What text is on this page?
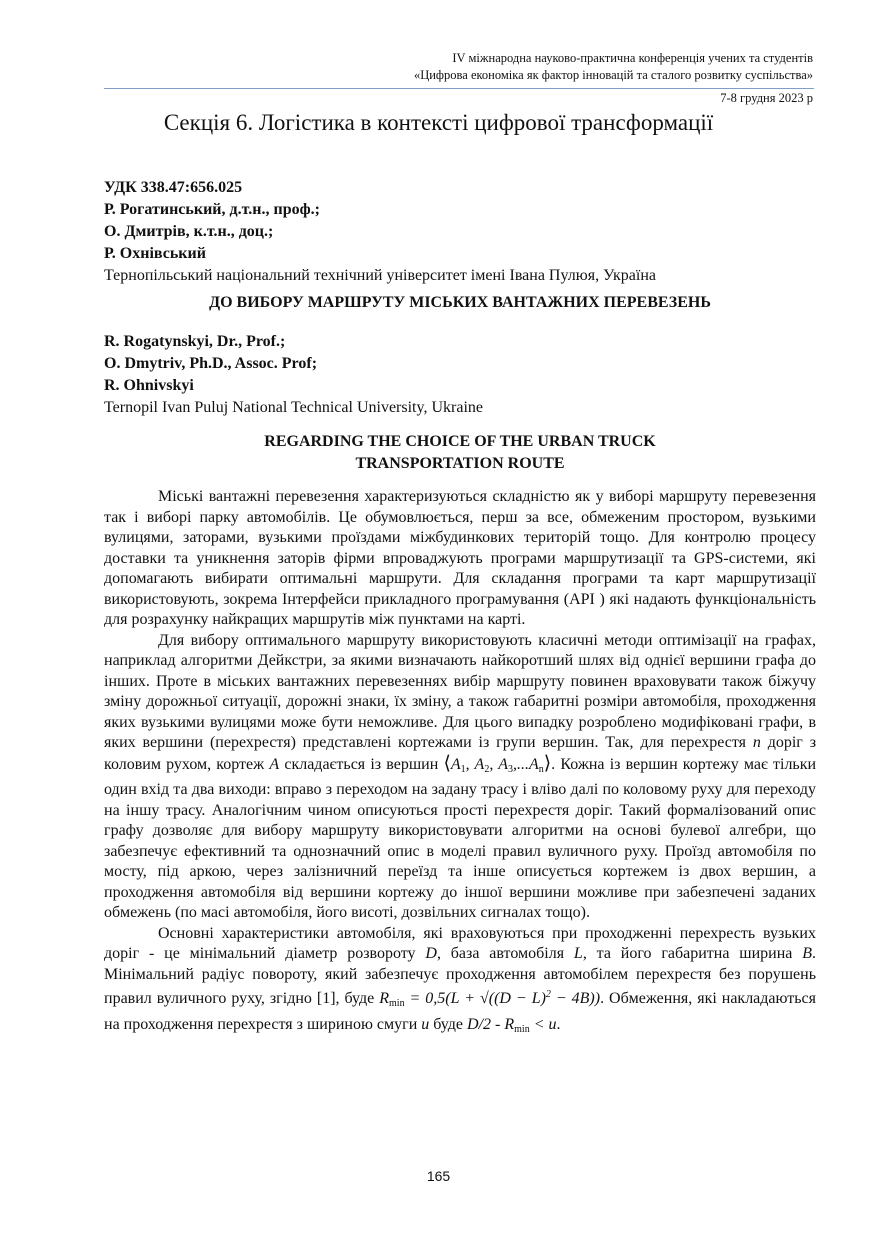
IV міжнародна науково-практична конференція учених та студентів
«Цифрова економіка як фактор інновацій та сталого розвитку суспільства»
7-8 грудня 2023 р
Секція 6. Логістика в контексті цифрової трансформації
УДК 338.47:656.025
Р. Рогатинський, д.т.н., проф.;
О. Дмитрів, к.т.н., доц.;
Р. Охнівський
Тернопільський національний технічний університет імені Івана Пулюя, Україна
ДО ВИБОРУ МАРШРУТУ МІСЬКИХ ВАНТАЖНИХ ПЕРЕВЕЗЕНЬ
R. Rogatynskyi, Dr., Prof.;
O. Dmytriv, Ph.D., Assoc. Prof;
R. Ohnivskyi
Ternopil Ivan Puluj National Technical University, Ukraine
REGARDING THE CHOICE OF THE URBAN TRUCK TRANSPORTATION ROUTE

Міські вантажні перевезення характеризуються складністю як у виборі маршруту перевезення так і виборі парку автомобілів. Це обумовлюється, перш за все, обмеженим простором, вузькими вулицями, заторами, вузькими проїздами міжбудинкових територій тощо. Для контролю процесу доставки та уникнення заторів фірми впроваджують програми маршрутизації та GPS-системи, які допомагають вибирати оптимальні маршрути. Для складання програми та карт маршрутизації використовують, зокрема Інтерфейси прикладного програмування (API ) які надають функціональність для розрахунку найкращих маршрутів між пунктами на карті.

Для вибору оптимального маршруту використовують класичні методи оптимізації на графах, наприклад алгоритми Дейкстри, за якими визначають найкоротший шлях від однієї вершини графа до інших. Проте в міських вантажних перевезеннях вибір маршруту повинен враховувати також біжучу зміну дорожньої ситуації, дорожні знаки, їх зміну, а також габаритні розміри автомобіля, проходження яких вузькими вулицями може бути неможливе. Для цього випадку розроблено модифіковані графи, в яких вершини (перехрестя) представлені кортежами із групи вершин. Так, для перехрестя n доріг з коловим рухом, кортеж A складається із вершин $⟨A_1$, $A_2$, $A_3,...A_n⟩$. Кожна із вершин кортежу має тільки один вхід та два виходи: вправо з переходом на задану трасу і вліво далі по коловому руху для переходу на іншу трасу. Аналогічним чином описуються прості перехрестя доріг. Такий формалізований опис графу дозволяє для вибору маршруту використовувати алгоритми на основі булевої алгебри, що забезпечує ефективний та однозначний опис в моделі правил вуличного руху. Проїзд автомобіля по мосту, під аркою, через залізничний переїзд та інше описується кортежем із двох вершин, а проходження автомобіля від вершини кортежу до іншої вершини можливе при забезпечені заданих обмежень (по масі автомобіля, його висоті, дозвільних сигналах тощо).

Основні характеристики автомобіля, які враховуються при проходженні перехресть вузьких доріг - це мінімальний діаметр розвороту D, база автомобіля L, та його габаритна ширина B. Мінімальний радіус повороту, який забезпечує проходження автомобілем перехрестя без порушень правил вуличного руху, згідно [1], буде $R_{min} = 0,5(L + √((D - L)^2 - 4B))$. Обмеження, які накладаються на проходження перехрестя з шириною смуги u буде $D/2 - R_{min} < u$.

165
